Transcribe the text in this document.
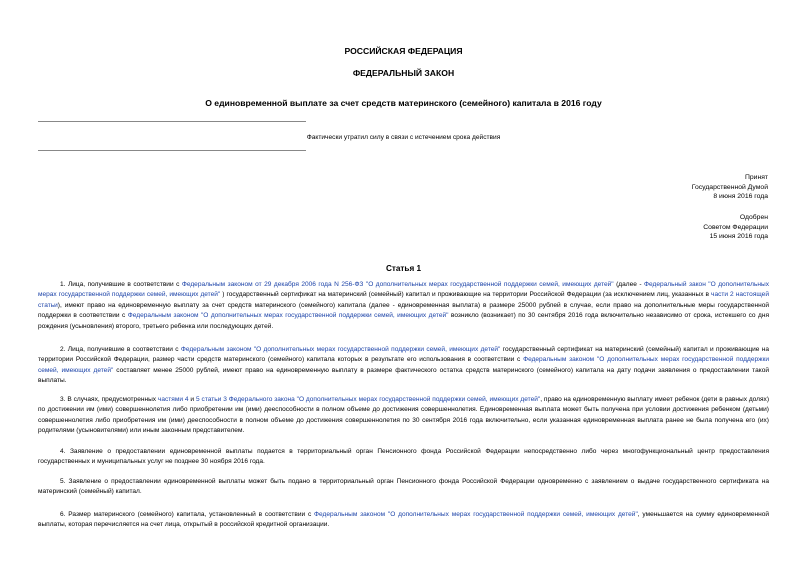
РОССИЙСКАЯ ФЕДЕРАЦИЯ
ФЕДЕРАЛЬНЫЙ ЗАКОН
О единовременной выплате за счет средств материнского (семейного) капитала в 2016 году
Фактически утратил силу в связи с истечением срока действия
Принят
Государственной Думой
8 июня 2016 года
Одобрен
Советом Федерации
15 июня 2016 года
Статья 1

1. Лица, получившие в соответствии с Федеральным законом от 29 декабря 2006 года N 256-ФЗ "О дополнительных мерах государственной поддержки семей, имеющих детей" (далее - Федеральный закон "О дополнительных мерах государственной поддержки семей, имеющих детей" ) государственный сертификат на материнский (семейный) капитал и проживающие на территории Российской Федерации (за исключением лиц, указанных в части 2 настоящей статьи), имеют право на единовременную выплату за счет средств материнского (семейного) капитала (далее - единовременная выплата) в размере 25000 рублей в случае, если право на дополнительные меры государственной поддержки в соответствии с Федеральным законом "О дополнительных мерах государственной поддержки семей, имеющих детей" возникло (возникает) по 30 сентября 2016 года включительно независимо от срока, истекшего со дня рождения (усыновления) второго, третьего ребенка или последующих детей.

2. Лица, получившие в соответствии с Федеральным законом "О дополнительных мерах государственной поддержки семей, имеющих детей" государственный сертификат на материнский (семейный) капитал и проживающие на территории Российской Федерации, размер части средств материнского (семейного) капитала которых в результате его использования в соответствии с Федеральным законом "О дополнительных мерах государственной поддержки семей, имеющих детей" составляет менее 25000 рублей, имеют право на единовременную выплату в размере фактического остатка средств материнского (семейного) капитала на дату подачи заявления о предоставлении такой выплаты.

3. В случаях, предусмотренных частями 4 и 5 статьи 3 Федерального закона "О дополнительных мерах государственной поддержки семей, имеющих детей", право на единовременную выплату имеет ребенок (дети в равных долях) по достижении им (ими) совершеннолетия либо приобретении им (ими) дееспособности в полном объеме до достижения совершеннолетия. Единовременная выплата может быть получена при условии достижения ребенком (детьми) совершеннолетия либо приобретения им (ими) дееспособности в полном объеме до достижения совершеннолетия по 30 сентября 2016 года включительно, если указанная единовременная выплата ранее не была получена его (их) родителями (усыновителями) или иным законным представителем.

4. Заявление о предоставлении единовременной выплаты подается в территориальный орган Пенсионного фонда Российской Федерации непосредственно либо через многофункциональный центр предоставления государственных и муниципальных услуг не позднее 30 ноября 2016 года.

5. Заявление о предоставлении единовременной выплаты может быть подано в территориальный орган Пенсионного фонда Российской Федерации одновременно с заявлением о выдаче государственного сертификата на материнский (семейный) капитал.

6. Размер материнского (семейного) капитала, установленный в соответствии с Федеральным законом "О дополнительных мерах государственной поддержки семей, имеющих детей", уменьшается на сумму единовременной выплаты, которая перечисляется на счет лица, открытый в российской кредитной организации.
